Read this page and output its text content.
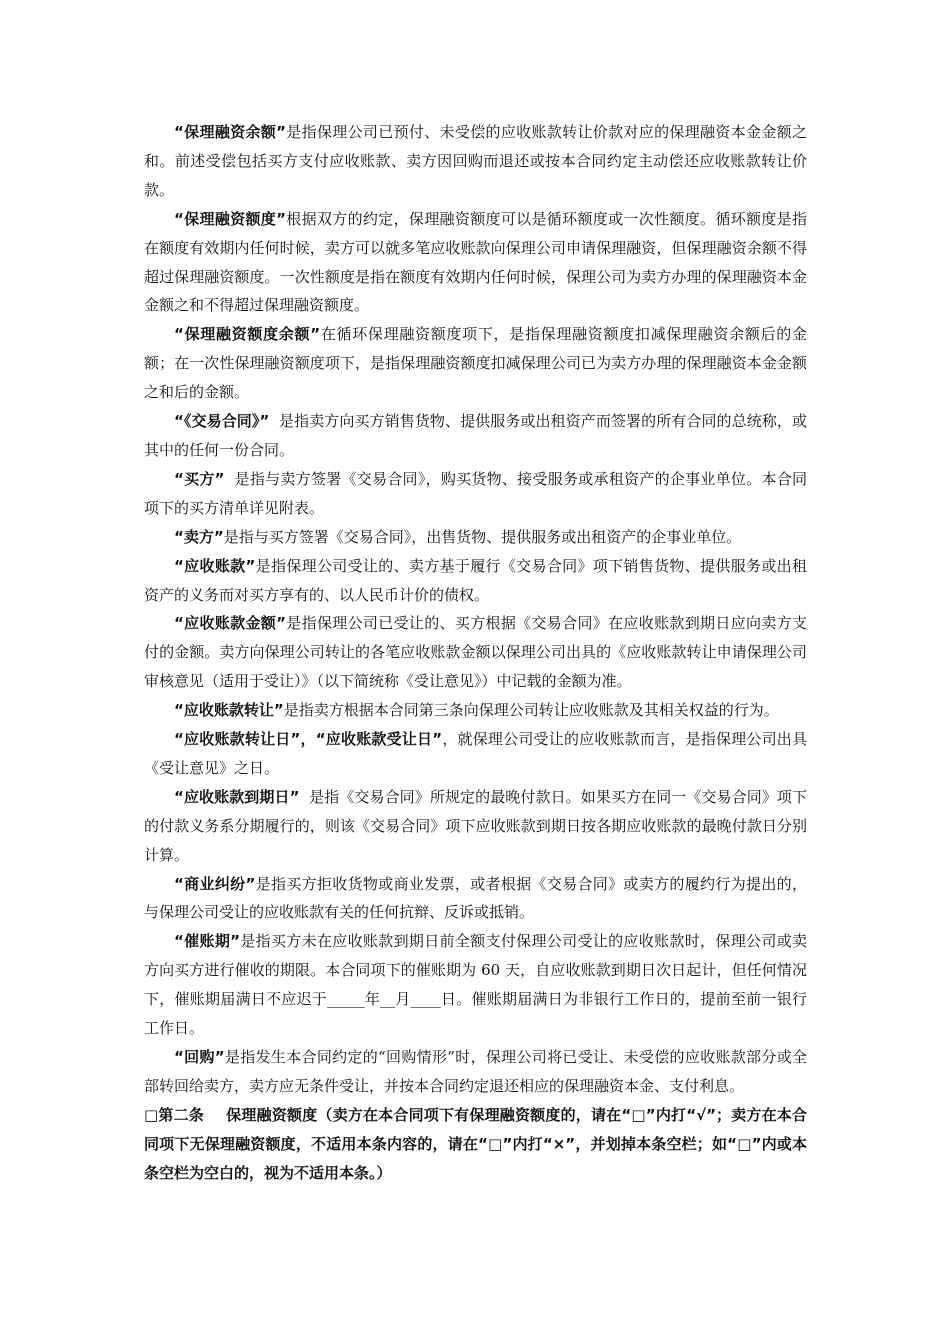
“保理融资余额”是指保理公司已预付、未受偿的应收账款转让价款对应的保理融资本金金额之和。前述受偿包括买方支付应收账款、卖方因回购而退还或按本合同约定主动偿还应收账款转让价款。

“保理融资额度”根据双方的约定，保理融资额度可以是循环额度或一次性额度。循环额度是指在额度有效期内任何时候，卖方可以就多笔应收账款向保理公司申请保理融资，但保理融资余额不得超过保理融资额度。一次性额度是指在额度有效期内任何时候，保理公司为卖方办理的保理融资本金金额之和不得超过保理融资额度。

“保理融资额度余额”在循环保理融资额度项下，是指保理融资额度扣减保理融资余额后的金额；在一次性保理融资额度项下，是指保理融资额度扣减保理公司已为卖方办理的保理融资本金金额之和后的金额。

“《交易合同》”  是指卖方向买方销售货物、提供服务或出租资产而签署的所有合同的总统称，或其中的任何一份合同。

“买方”  是指与卖方签署《交易合同》，购买货物、接受服务或承租资产的企事业单位。本合同项下的买方清单详见附表。

“卖方”是指与买方签署《交易合同》，出售货物、提供服务或出租资产的企事业单位。

“应收账款”是指保理公司受让的、卖方基于履行《交易合同》项下销售货物、提供服务或出租资产的义务而对买方享有的、以人民币计价的债权。

“应收账款金额”是指保理公司已受让的、买方根据《交易合同》在应收账款到期日应向卖方支付的金额。卖方向保理公司转让的各笔应收账款金额以保理公司出具的《应收账款转让申请保理公司审核意见（适用于受让）》（以下简统称《受让意见》）中记载的金额为准。

“应收账款转让”是指卖方根据本合同第三条向保理公司转让应收账款及其相关权益的行为。

“应收账款转让日”，“应收账款受让日”，就保理公司受让的应收账款而言，是指保理公司出具《受让意见》之日。

“应收账款到期日”  是指《交易合同》所规定的最晚付款日。如果买方在同一《交易合同》项下的付款义务系分期履行的，则该《交易合同》项下应收账款到期日按各期应收账款的最晚付款日分别计算。

“商业纠纷”是指买方拒收货物或商业发票，或者根据《交易合同》或卖方的履约行为提出的，与保理公司受让的应收账款有关的任何抗辩、反诉或抵销。

“催账期”是指买方未在应收账款到期日前全额支付保理公司受让的应收账款时，保理公司或卖方向买方进行催收的期限。本合同项下的催账期为 60 天，自应收账款到期日次日起计，但任何情况下，催账期届满日不应迟于_____年__月____日。催账期届满日为非银行工作日的，提前至前一银行工作日。

“回购”是指发生本合同约定的“回购情形”时，保理公司将已受让、未受偿的应收账款部分或全部转回给卖方，卖方应无条件受让，并按本合同约定退还相应的保理融资本金、支付利息。

□第二条 保理融资额度（卖方在本合同项下有保理融资额度的，请在“□”内打“√”；卖方在本合同项下无保理融资额度，不适用本条内容的，请在“□”内打“×”，并划掉本条空栏；如“□”内或本条空栏为空白的，视为不适用本条。）
